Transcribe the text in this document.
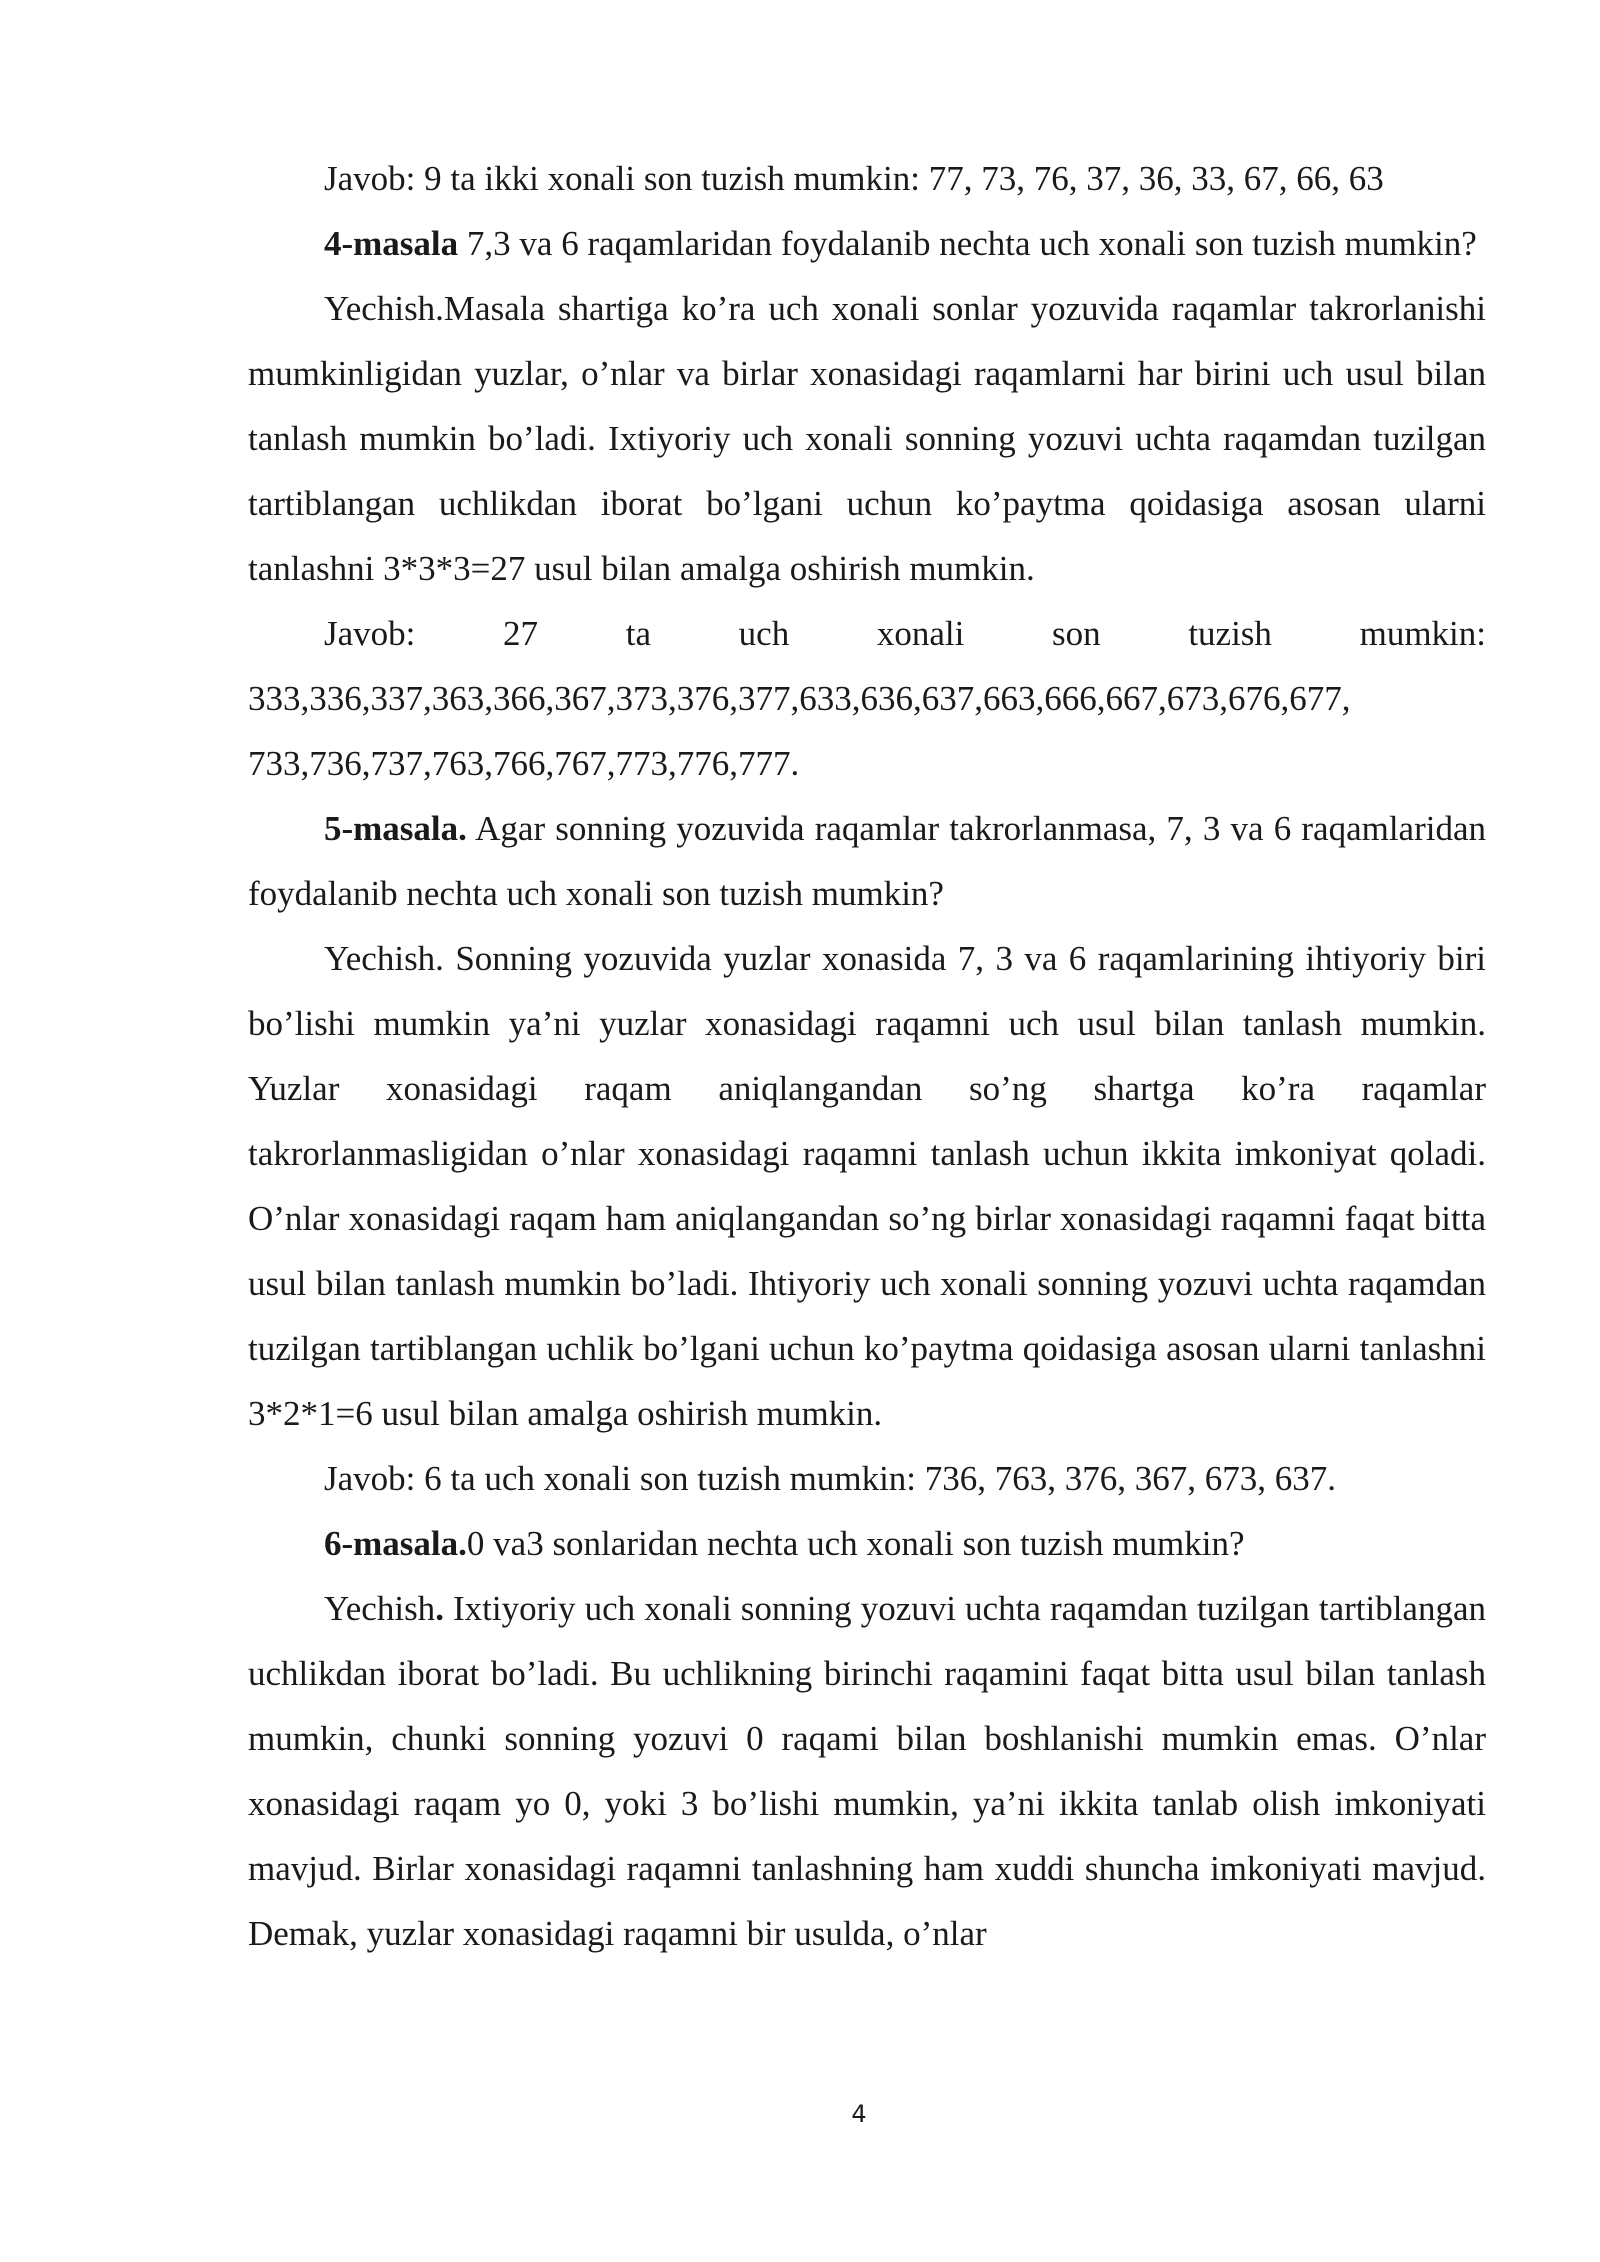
Javob: 9 ta ikki xonali son tuzish mumkin: 77, 73, 76, 37, 36, 33, 67, 66, 63

4-masala 7,3 va 6 raqamlaridan foydalanib nechta uch xonali son tuzish mumkin?

Yechish.Masala shartiga ko’ra uch xonali sonlar yozuvida raqamlar takrorlanishi mumkinligidan yuzlar, o’nlar va birlar xonasidagi raqamlarni har birini uch usul bilan tanlash mumkin bo’ladi. Ixtiyoriy uch xonali sonning yozuvi uchta raqamdan tuzilgan tartiblangan uchlikdan iborat bo’lgani uchun ko’paytma qoidasiga asosan ularni tanlashni 3*3*3=27 usul bilan amalga oshirish mumkin.

Javob: 27 ta uch xonali son tuzish mumkin:

333,336,337,363,366,367,373,376,377,633,636,637,663,666,667,673,676,677,

733,736,737,763,766,767,773,776,777.

5-masala. Agar sonning yozuvida raqamlar takrorlanmasa, 7, 3 va 6 raqamlaridan foydalanib nechta uch xonali son tuzish mumkin?

Yechish. Sonning yozuvida yuzlar xonasida 7, 3 va 6 raqamlarining ihtiyoriy biri bo’lishi mumkin ya’ni yuzlar xonasidagi raqamni uch usul bilan tanlash mumkin. Yuzlar xonasidagi raqam aniqlangandan so’ng shartga ko’ra raqamlar takrorlanmasligidan o’nlar xonasidagi raqamni tanlash uchun ikkita imkoniyat qoladi. O’nlar xonasidagi raqam ham aniqlangandan so’ng birlar xonasidagi raqamni faqat bitta usul bilan tanlash mumkin bo’ladi. Ihtiyoriy uch xonali sonning yozuvi uchta raqamdan tuzilgan tartiblangan uchlik bo’lgani uchun ko’paytma qoidasiga asosan ularni tanlashni 3*2*1=6 usul bilan amalga oshirish mumkin.

Javob: 6 ta uch xonali son tuzish mumkin: 736, 763, 376, 367, 673, 637.

6-masala.0 va3 sonlaridan nechta uch xonali son tuzish mumkin?

Yechish. Ixtiyoriy uch xonali sonning yozuvi uchta raqamdan tuzilgan tartiblangan uchlikdan iborat bo’ladi. Bu uchlikning birinchi raqamini faqat bitta usul bilan tanlash mumkin, chunki sonning yozuvi 0 raqami bilan boshlanishi mumkin emas. O’nlar xonasidagi raqam yo 0, yoki 3 bo’lishi mumkin, ya’ni ikkita tanlab olish imkoniyati mavjud. Birlar xonasidagi raqamni tanlashning ham xuddi shuncha imkoniyati mavjud. Demak, yuzlar xonasidagi raqamni bir usulda, o’nlar

4
